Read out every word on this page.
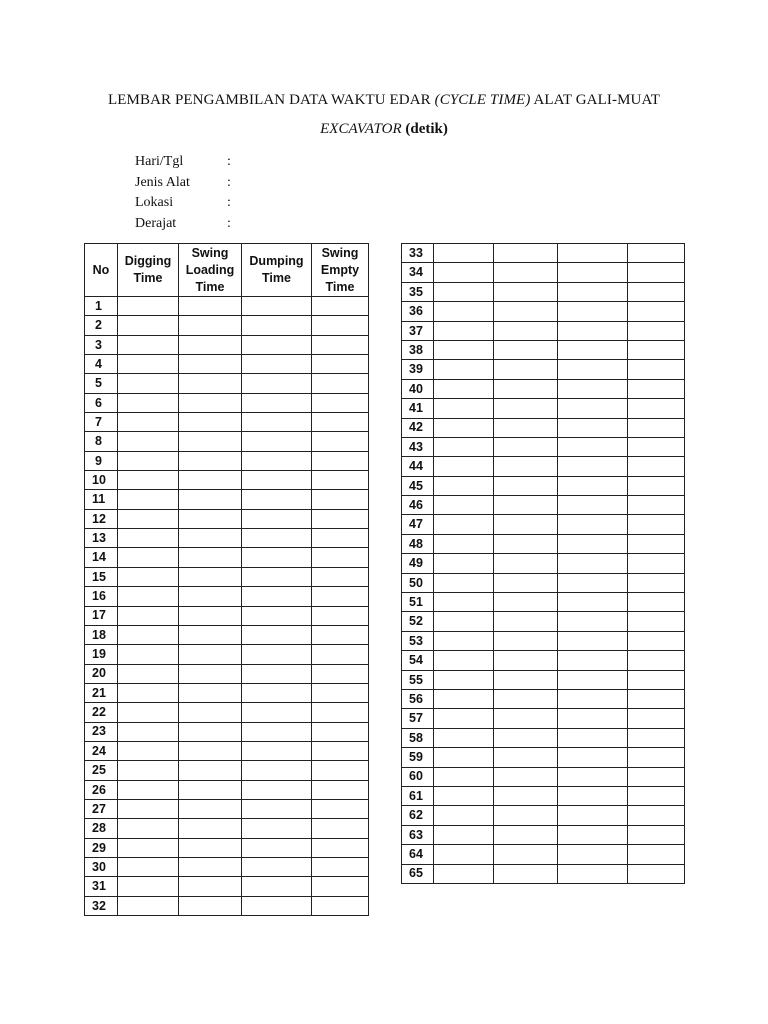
LEMBAR PENGAMBILAN DATA WAKTU EDAR (CYCLE TIME) ALAT GALI-MUAT
EXCAVATOR (detik)
Hari/Tgl	:
Jenis Alat	:
Lokasi	:
Derajat	:
No	Digging Time	Swing Loading Time	Dumping Time	Swing Empty Time
1				
2				
3				
4				
5				
6				
7				
8				
9				
10				
11				
12				
13				
14				
15				
16				
17				
18				
19				
20				
21				
22				
23				
24				
25				
26				
27				
28				
29				
30				
31				
32				
33				
34				
35				
36				
37				
38				
39				
40				
41				
42				
43				
44				
45				
46				
47				
48				
49				
50				
51				
52				
53				
54				
55				
56				
57				
58				
59				
60				
61				
62				
63				
64				
65				
